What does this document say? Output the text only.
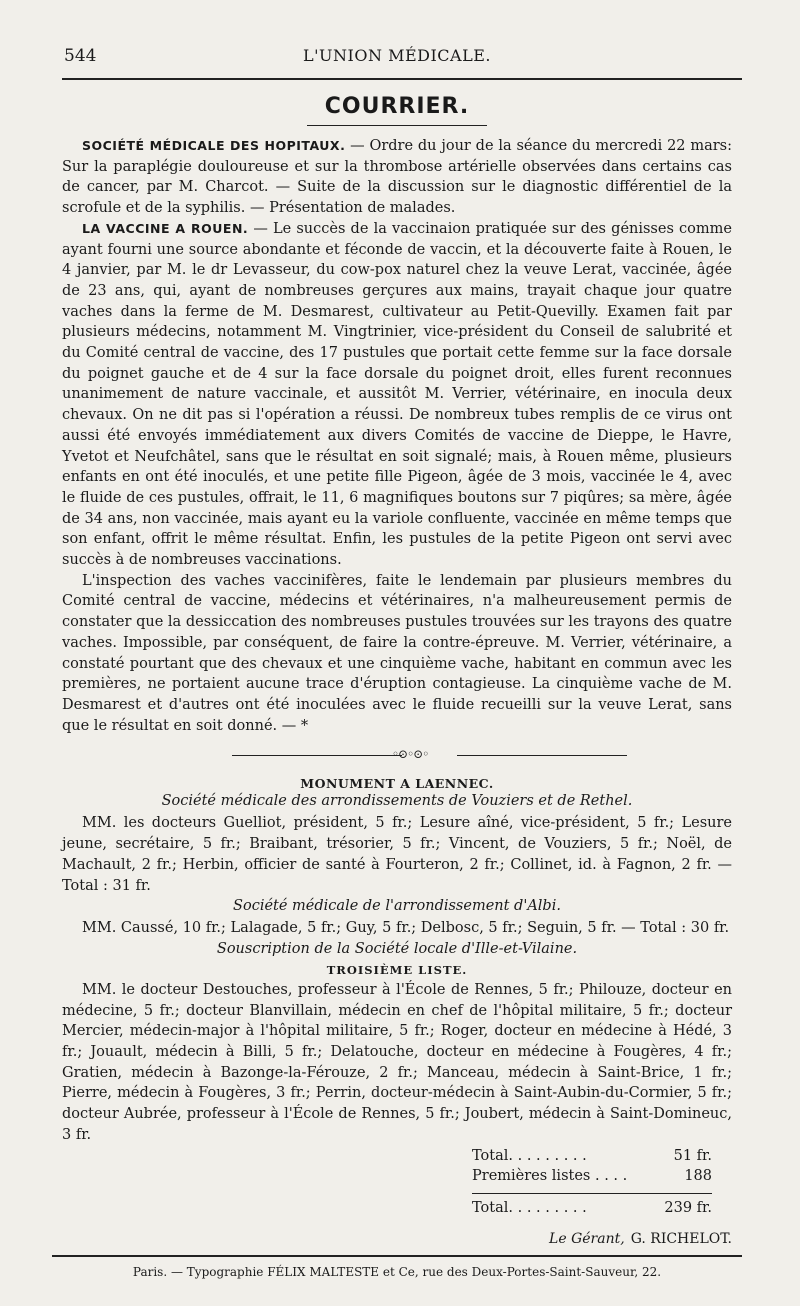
544	L'UNION MÉDICALE.
COURRIER.

SOCIÉTÉ MÉDICALE DES HOPITAUX. — Ordre du jour de la séance du mercredi 22 mars: Sur la paraplégie douloureuse et sur la thrombose artérielle observées dans certains cas de cancer, par M. Charcot. — Suite de la discussion sur le diagnostic différentiel de la scrofule et de la syphilis. — Présentation de malades.

LA VACCINE A ROUEN. — Le succès de la vaccinaion pratiquée sur des génisses comme ayant fourni une source abondante et féconde de vaccin, et la découverte faite à Rouen, le 4 janvier, par M. le dr Levasseur, du cow-pox naturel chez la veuve Lerat, vaccinée, âgée de 23 ans, qui, ayant de nombreuses gerçures aux mains, trayait chaque jour quatre vaches dans la ferme de M. Desmarest, cultivateur au Petit-Quevilly. Examen fait par plusieurs médecins, notamment M. Vingtrinier, vice-président du Conseil de salubrité et du Comité central de vaccine, des 17 pustules que portait cette femme sur la face dorsale du poignet gauche et de 4 sur la face dorsale du poignet droit, elles furent reconnues unanimement de nature vaccinale, et aussitôt M. Verrier, vétérinaire, en inocula deux chevaux. On ne dit pas si l'opération a réussi. De nombreux tubes remplis de ce virus ont aussi été envoyés immédiatement aux divers Comités de vaccine de Dieppe, le Havre, Yvetot et Neufchâtel, sans que le résultat en soit signalé; mais, à Rouen même, plusieurs enfants en ont été inoculés, et une petite fille Pigeon, âgée de 3 mois, vaccinée le 4, avec le fluide de ces pustules, offrait, le 11, 6 magnifiques boutons sur 7 piqûres; sa mère, âgée de 34 ans, non vaccinée, mais ayant eu la variole confluente, vaccinée en même temps que son enfant, offrit le même résultat. Enfin, les pustules de la petite Pigeon ont servi avec succès à de nombreuses vaccinations.

L'inspection des vaches vaccinifères, faite le lendemain par plusieurs membres du Comité central de vaccine, médecins et vétérinaires, n'a malheureusement permis de constater que la dessiccation des nombreuses pustules trouvées sur les trayons des quatre vaches. Impossible, par conséquent, de faire la contre-épreuve. M. Verrier, vétérinaire, a constaté pourtant que des chevaux et une cinquième vache, habitant en commun avec les premières, ne portaient aucune trace d'éruption contagieuse. La cinquième vache de M. Desmarest et d'autres ont été inoculées avec le fluide recueilli sur la veuve Lerat, sans que le résultat en soit donné. — *

◦⊙◦⊙◦
MONUMENT A LAENNEC.
Société médicale des arrondissements de Vouziers et de Rethel.

MM. les docteurs Guelliot, président, 5 fr.; Lesure aîné, vice-président, 5 fr.; Lesure jeune, secrétaire, 5 fr.; Braibant, trésorier, 5 fr.; Vincent, de Vouziers, 5 fr.; Noël, de Machault, 2 fr.; Herbin, officier de santé à Fourteron, 2 fr.; Collinet, id. à Fagnon, 2 fr. — Total : 31 fr.

Société médicale de l'arrondissement d'Albi.

MM. Caussé, 10 fr.; Lalagade, 5 fr.; Guy, 5 fr.; Delbosc, 5 fr.; Seguin, 5 fr. — Total : 30 fr.

Souscription de la Société locale d'Ille-et-Vilaine.
TROISIÈME LISTE.

MM. le docteur Destouches, professeur à l'École de Rennes, 5 fr.; Philouze, docteur en médecine, 5 fr.; docteur Blanvillain, médecin en chef de l'hôpital militaire, 5 fr.; docteur Mercier, médecin-major à l'hôpital militaire, 5 fr.; Roger, docteur en médecine à Hédé, 3 fr.; Jouault, médecin à Billi, 5 fr.; Delatouche, docteur en médecine à Fougères, 4 fr.; Gratien, médecin à Bazonge-la-Férouze, 2 fr.; Manceau, médecin à Saint-Brice, 1 fr.; Pierre, médecin à Fougères, 3 fr.; Perrin, docteur-médecin à Saint-Aubin-du-Cormier, 5 fr.; docteur Aubrée, professeur à l'École de Rennes, 5 fr.; Joubert, médecin à Saint-Domineuc, 3 fr.

Total. . . . . . . . .	51 fr.
Premières listes . . . .	188
Total. . . . . . . . .	239 fr.
Le Gérant, G. RICHELOT.
Paris. — Typographie FÉLIX MALTESTE et Ce, rue des Deux-Portes-Saint-Sauveur, 22.
